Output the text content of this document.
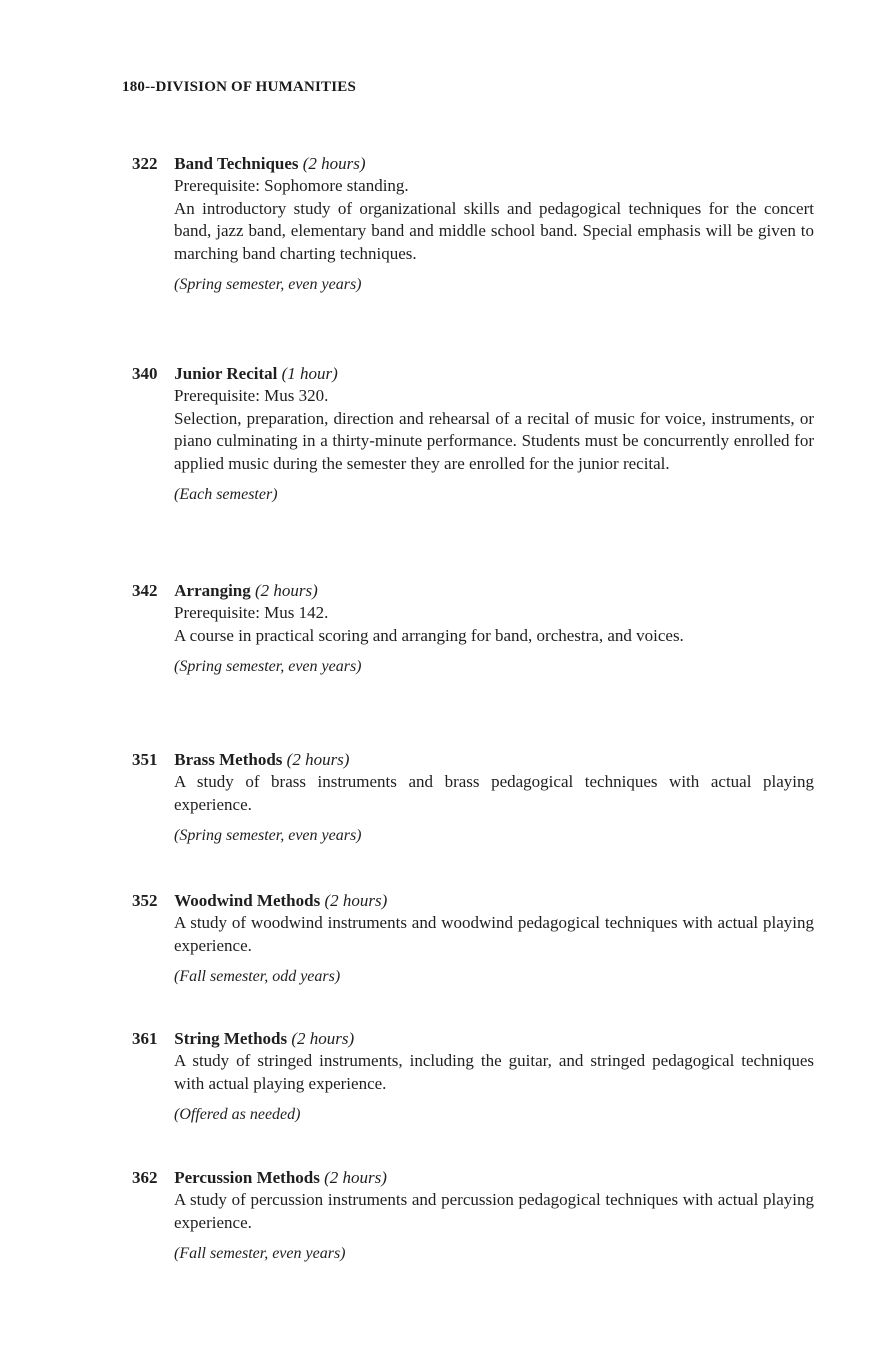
180--DIVISION OF HUMANITIES
322 Band Techniques (2 hours)
Prerequisite: Sophomore standing.
An introductory study of organizational skills and pedagogical techniques for the concert band, jazz band, elementary band and middle school band. Special emphasis will be given to marching band charting techniques.
(Spring semester, even years)
340 Junior Recital (1 hour)
Prerequisite: Mus 320.
Selection, preparation, direction and rehearsal of a recital of music for voice, instruments, or piano culminating in a thirty-minute performance. Students must be concurrently enrolled for applied music during the semester they are enrolled for the junior recital.
(Each semester)
342 Arranging (2 hours)
Prerequisite: Mus 142.
A course in practical scoring and arranging for band, orchestra, and voices.
(Spring semester, even years)
351 Brass Methods (2 hours)
A study of brass instruments and brass pedagogical techniques with actual playing experience.
(Spring semester, even years)
352 Woodwind Methods (2 hours)
A study of woodwind instruments and woodwind pedagogical techniques with actual playing experience.
(Fall semester, odd years)
361 String Methods (2 hours)
A study of stringed instruments, including the guitar, and stringed pedagogical techniques with actual playing experience.
(Offered as needed)
362 Percussion Methods (2 hours)
A study of percussion instruments and percussion pedagogical techniques with actual playing experience.
(Fall semester, even years)
